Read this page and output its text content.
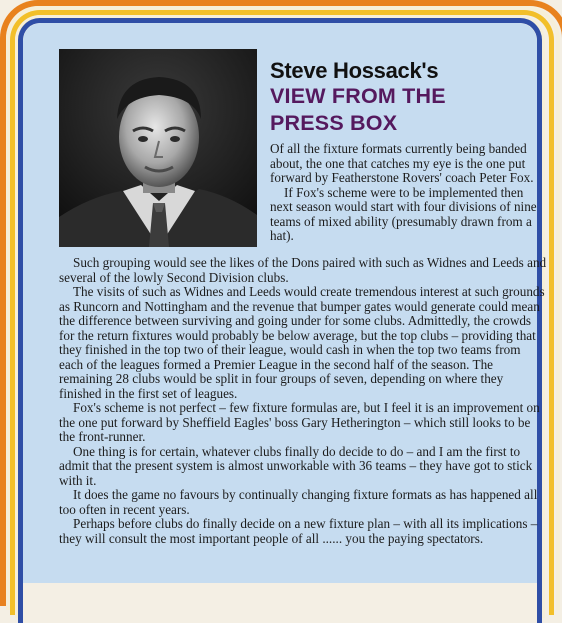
Steve Hossack's
VIEW FROM THE
PRESS BOX

Of all the fixture formats currently being banded about, the one that catches my eye is the one put forward by Featherstone Rovers' coach Peter Fox.

If Fox's scheme were to be implemented then next season would start with four divisions of nine teams of mixed ability (presumably drawn from a hat).

Such grouping would see the likes of the Dons paired with such as Widnes and Leeds and several of the lowly Second Division clubs.

The visits of such as Widnes and Leeds would create tremendous interest at such grounds as Runcorn and Nottingham and the revenue that bumper gates would generate could mean the difference between surviving and going under for some clubs. Admittedly, the crowds for the return fixtures would probably be below average, but the top clubs – providing that they finished in the top two of their league, would cash in when the top two teams from each of the leagues formed a Premier League in the second half of the season. The remaining 28 clubs would be split in four groups of seven, depending on where they finished in the first set of leagues.

Fox's scheme is not perfect – few fixture formulas are, but I feel it is an improvement on the one put forward by Sheffield Eagles' boss Gary Hetherington – which still looks to be the front-runner.

One thing is for certain, whatever clubs finally do decide to do – and I am the first to admit that the present system is almost unworkable with 36 teams – they have got to stick with it.

It does the game no favours by continually changing fixture formats as has happened all too often in recent years.

Perhaps before clubs do finally decide on a new fixture plan – with all its implications – they will consult the most important people of all ...... you the paying spectators.
